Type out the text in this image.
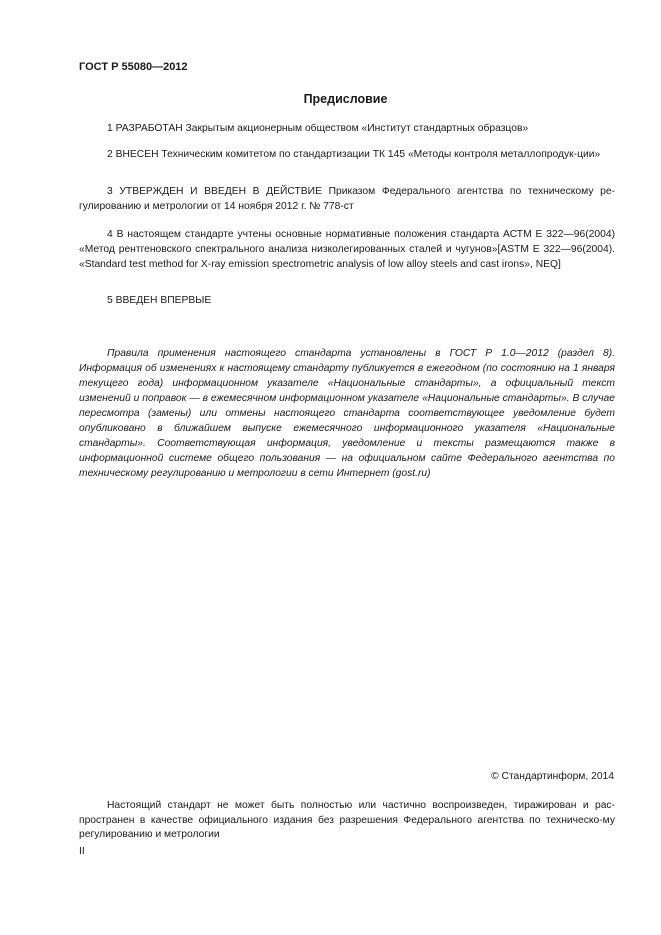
ГОСТ Р 55080—2012
Предисловие

1 РАЗРАБОТАН Закрытым акционерным обществом «Институт стандартных образцов»

2 ВНЕСЕН Техническим комитетом по стандартизации ТК 145 «Методы контроля металлопродук-ции»

3 УТВЕРЖДЕН И ВВЕДЕН В ДЕЙСТВИЕ Приказом Федерального агентства по техническому ре-гулированию и метрологии от 14 ноября 2012 г. № 778-ст

4 В настоящем стандарте учтены основные нормативные положения стандарта АСТМ Е 322—96(2004) «Метод рентгеновского спектрального анализа низколегированных сталей и чугунов»[ASTM E 322—96(2004). «Standard test method for X-ray emission spectrometric analysis of low alloy steels and cast irons», NEQ]

5 ВВЕДЕН ВПЕРВЫЕ

Правила применения настоящего стандарта установлены в ГОСТ Р 1.0—2012 (раздел 8). Информация об изменениях к настоящему стандарту публикуется в ежегодном (по состоянию на 1 января текущего года) информационном указателе «Национальные стандарты», а официальный текст изменений и поправок — в ежемесячном информационном указателе «Национальные стандарты». В случае пересмотра (замены) или отмены настоящего стандарта соответствующее уведомление будет опубликовано в ближайшем выпуске ежемесячного информационного указателя «Национальные стандарты». Соответствующая информация, уведомление и тексты размещаются также в информационной системе общего пользования — на официальном сайте Федерального агентства по техническому регулированию и метрологии в сети Интернет (gost.ru)

© Стандартинформ, 2014

Настоящий стандарт не может быть полностью или частично воспроизведен, тиражирован и рас-пространен в качестве официального издания без разрешения Федерального агентства по техническо-му регулированию и метрологии

II
